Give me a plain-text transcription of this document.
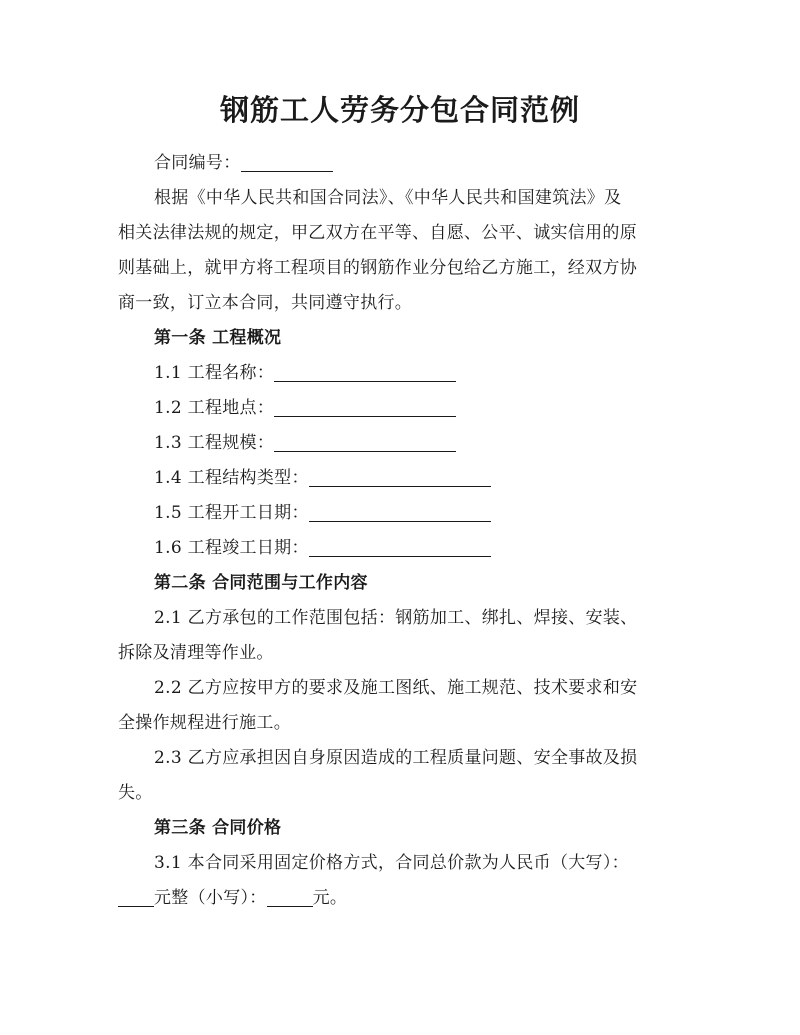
钢筋工人劳务分包合同范例
合同编号：
根据《中华人民共和国合同法》、《中华人民共和国建筑法》及
相关法律法规的规定，甲乙双方在平等、自愿、公平、诚实信用的原
则基础上，就甲方将工程项目的钢筋作业分包给乙方施工，经双方协
商一致，订立本合同，共同遵守执行。
第一条 工程概况
1.1 工程名称：
1.2 工程地点：
1.3 工程规模：
1.4 工程结构类型：
1.5 工程开工日期：
1.6 工程竣工日期：
第二条 合同范围与工作内容
2.1 乙方承包的工作范围包括：钢筋加工、绑扎、焊接、安装、
拆除及清理等作业。
2.2 乙方应按甲方的要求及施工图纸、施工规范、技术要求和安
全操作规程进行施工。
2.3 乙方应承担因自身原因造成的工程质量问题、安全事故及损
失。
第三条 合同价格
3.1 本合同采用固定价格方式，合同总价款为人民币（大写）：
元整（小写）：	元。
